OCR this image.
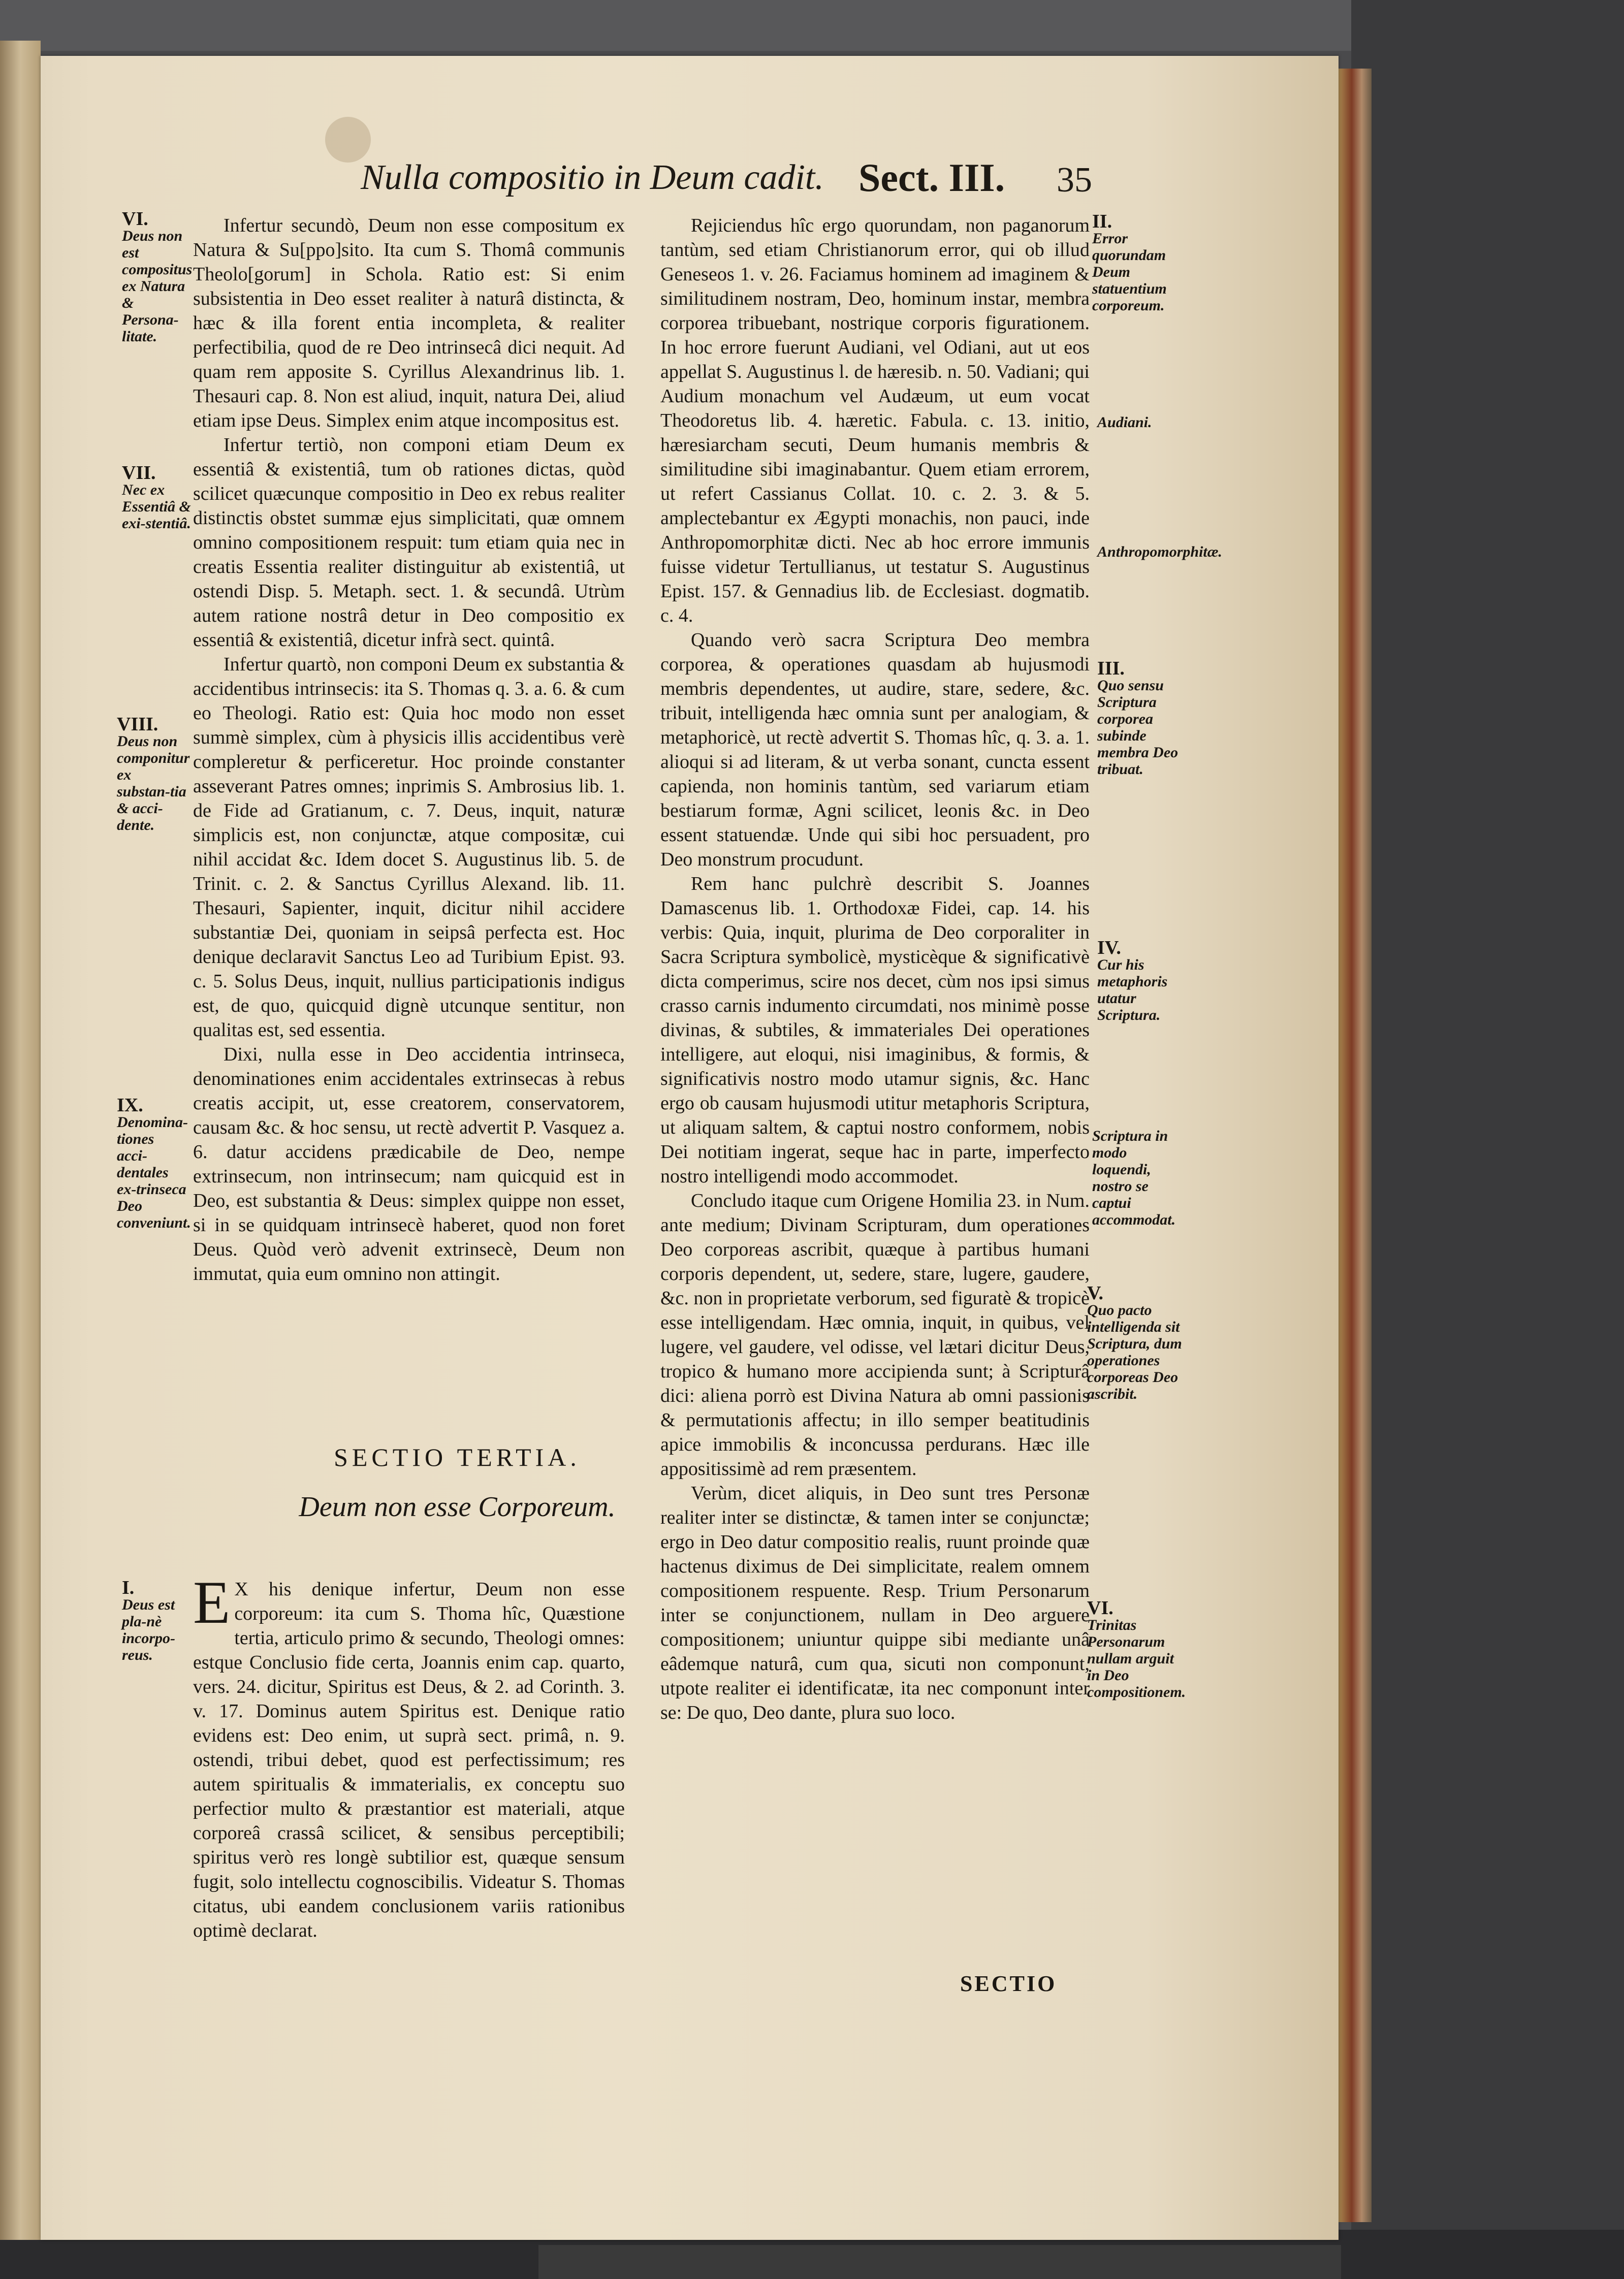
Nulla compositio in Deum cadit. Sect. III. 35
VI.
Deus non est compositus ex Natura & Persona-litate.
VII.
Nec ex Essentiâ & exi-stentiâ.
VIII.
Deus non componitur ex substan-tia & acci-dente.
IX.
Denomina-tiones acci-dentales ex-trinseca Deo conveniunt.
I.
Deus est pla-nè incorpo-reus.

Infertur secundò, Deum non esse compositum ex Natura & Su[ppo]sito. Ita cum S. Thomâ communis Theolo[gorum] in Schola. Ratio est: Si enim subsistentia in Deo esset realiter à naturâ distincta, & hæc & illa forent entia incompleta, & realiter perfectibilia, quod de re Deo intrinsecâ dici nequit. Ad quam rem apposite S. Cyrillus Alexandrinus lib. 1. Thesauri cap. 8. Non est aliud, inquit, natura Dei, aliud etiam ipse Deus. Simplex enim atque incompositus est.

Infertur tertiò, non componi etiam Deum ex essentiâ & existentiâ, tum ob rationes dictas, quòd scilicet quæcunque compositio in Deo ex rebus realiter distinctis obstet summæ ejus simplicitati, quæ omnem omnino compositionem respuit: tum etiam quia nec in creatis Essentia realiter distinguitur ab existentiâ, ut ostendi Disp. 5. Metaph. sect. 1. & secundâ. Utrùm autem ratione nostrâ detur in Deo compositio ex essentiâ & existentiâ, dicetur infrà sect. quintâ.

Infertur quartò, non componi Deum ex substantia & accidentibus intrinsecis: ita S. Thomas q. 3. a. 6. & cum eo Theologi. Ratio est: Quia hoc modo non esset summè simplex, cùm à physicis illis accidentibus verè compleretur & perficeretur. Hoc proinde constanter asseverant Patres omnes; inprimis S. Ambrosius lib. 1. de Fide ad Gratianum, c. 7. Deus, inquit, naturæ simplicis est, non conjunctæ, atque compositæ, cui nihil accidat &c. Idem docet S. Augustinus lib. 5. de Trinit. c. 2. & Sanctus Cyrillus Alexand. lib. 11. Thesauri, Sapienter, inquit, dicitur nihil accidere substantiæ Dei, quoniam in seipsâ perfecta est. Hoc denique declaravit Sanctus Leo ad Turibium Epist. 93. c. 5. Solus Deus, inquit, nullius participationis indigus est, de quo, quicquid dignè utcunque sentitur, non qualitas est, sed essentia.

Dixi, nulla esse in Deo accidentia intrinseca, denominationes enim accidentales extrinsecas à rebus creatis accipit, ut, esse creatorem, conservatorem, causam &c. & hoc sensu, ut rectè advertit P. Vasquez a. 6. datur accidens prædicabile de Deo, nempe extrinsecum, non intrinsecum; nam quicquid est in Deo, est substantia & Deus: simplex quippe non esset, si in se quidquam intrinsecè haberet, quod non foret Deus. Quòd verò advenit extrinsecè, Deum non immutat, quia eum omnino non attingit.

SECTIO TERTIA.
Deum non esse Corporeum.

E X his denique infertur, Deum non esse corporeum: ita cum S. Thoma hîc, Quæstione tertia, articulo primo & secundo, Theologi omnes: estque Conclusio fide certa, Joannis enim cap. quarto, vers. 24. dicitur, Spiritus est Deus, & 2. ad Corinth. 3. v. 17. Dominus autem Spiritus est. Denique ratio evidens est: Deo enim, ut suprà sect. primâ, n. 9. ostendi, tribui debet, quod est perfectissimum; res autem spiritualis & immaterialis, ex conceptu suo perfectior multo & præstantior est materiali, atque corporeâ crassâ scilicet, & sensibus perceptibili; spiritus verò res longè subtilior est, quæque sensum fugit, solo intellectu cognoscibilis. Videatur S. Thomas citatus, ubi eandem conclusionem variis rationibus optimè declarat.

Rejiciendus hîc ergo quorundam, non paganorum tantùm, sed etiam Christianorum error, qui ob illud Geneseos 1. v. 26. Faciamus hominem ad imaginem & similitudinem nostram, Deo, hominum instar, membra corporea tribuebant, nostrique corporis figurationem. In hoc errore fuerunt Audiani, vel Odiani, aut ut eos appellat S. Augustinus l. de hæresib. n. 50. Vadiani; qui Audium monachum vel Audæum, ut eum vocat Theodoretus lib. 4. hæretic. Fabula. c. 13. initio, hæresiarcham secuti, Deum humanis membris & similitudine sibi imaginabantur. Quem etiam errorem, ut refert Cassianus Collat. 10. c. 2. 3. & 5. amplectebantur ex Ægypti monachis, non pauci, inde Anthropomorphitæ dicti. Nec ab hoc errore immunis fuisse videtur Tertullianus, ut testatur S. Augustinus Epist. 157. & Gennadius lib. de Ecclesiast. dogmatib. c. 4.

Quando verò sacra Scriptura Deo membra corporea, & operationes quasdam ab hujusmodi membris dependentes, ut audire, stare, sedere, &c. tribuit, intelligenda hæc omnia sunt per analogiam, & metaphoricè, ut rectè advertit S. Thomas hîc, q. 3. a. 1. alioqui si ad literam, & ut verba sonant, cuncta essent capienda, non hominis tantùm, sed variarum etiam bestiarum formæ, Agni scilicet, leonis &c. in Deo essent statuendæ. Unde qui sibi hoc persuadent, pro Deo monstrum procudunt.

Rem hanc pulchrè describit S. Joannes Damascenus lib. 1. Orthodoxæ Fidei, cap. 14. his verbis: Quia, inquit, plurima de Deo corporaliter in Sacra Scriptura symbolicè, mysticèque & significativè dicta comperimus, scire nos decet, cùm nos ipsi simus crasso carnis indumento circumdati, nos minimè posse divinas, & subtiles, & immateriales Dei operationes intelligere, aut eloqui, nisi imaginibus, & formis, & significativis nostro modo utamur signis, &c. Hanc ergo ob causam hujusmodi utitur metaphoris Scriptura, ut aliquam saltem, & captui nostro conformem, nobis Dei notitiam ingerat, seque hac in parte, imperfecto nostro intelligendi modo accommodet.

Concludo itaque cum Origene Homilia 23. in Num. ante medium; Divinam Scripturam, dum operationes Deo corporeas ascribit, quæque à partibus humani corporis dependent, ut, sedere, stare, lugere, gaudere, &c. non in proprietate verborum, sed figuratè & tropicè esse intelligendam. Hæc omnia, inquit, in quibus, vel lugere, vel gaudere, vel odisse, vel lætari dicitur Deus, tropico & humano more accipienda sunt; à Scripturâ dici: aliena porrò est Divina Natura ab omni passionis & permutationis affectu; in illo semper beatitudinis apice immobilis & inconcussa perdurans. Hæc ille appositissimè ad rem præsentem.

Verùm, dicet aliquis, in Deo sunt tres Personæ realiter inter se distinctæ, & tamen inter se conjunctæ; ergo in Deo datur compositio realis, ruunt proinde quæ hactenus diximus de Dei simplicitate, realem omnem compositionem respuente. Resp. Trium Personarum inter se conjunctionem, nullam in Deo arguere compositionem; uniuntur quippe sibi mediante unâ eâdemque naturâ, cum qua, sicuti non componunt, utpote realiter ei identificatæ, ita nec componunt inter se: De quo, Deo dante, plura suo loco.

II.
Error quorundam Deum statuentium corporeum.
Audiani.
Anthropomorphitæ.
III.
Quo sensu Scriptura corporea subinde membra Deo tribuat.
IV.
Cur his metaphoris utatur Scriptura.
Scriptura in modo loquendi, nostro se captui accommodat.
V.
Quo pacto intelligenda sit Scriptura, dum operationes corporeas Deo ascribit.
VI.
Trinitas Personarum nullam arguit in Deo compositionem.
SECTIO
